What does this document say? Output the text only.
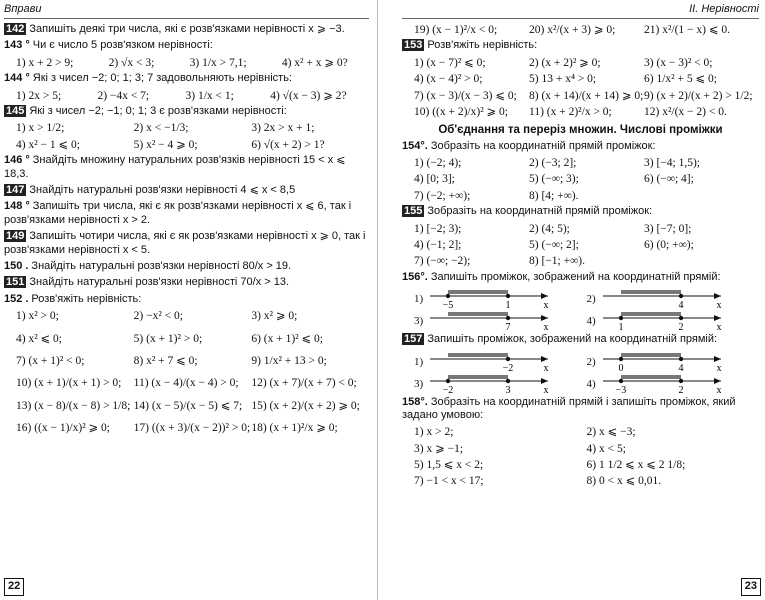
Вправи
142 Запишіть деякі три числа, які є розв'язками нерівності x ⩾ −3.
143 ° Чи є число 5 розв'язком нерівності:
1) x + 2 > 9;	2) √x < 3;	3) 1/x > 7,1;	4) x² + x ⩾ 0?
144 ° Які з чисел −2; 0; 1; 3; 7 задовольняють нерівність:
1) 2x > 5;	2) −4x < 7;	3) 1/x < 1;	4) √(x − 3) ⩾ 2?
145 Які з чисел −2; −1; 0; 1; 3 є розв'язками нерівності:
1) x > 1/2;	2) x < −1/3;	3) 2x > x + 1;
4) x² − 1 ⩽ 0;	5) x² − 4 ⩾ 0;	6) √(x + 2) > 1?
146 ° Знайдіть множину натуральних розв'язків нерівності 15 < x ⩽ 18,3.
147 Знайдіть натуральні розв'язки нерівності 4 ⩽ x < 8,5
148 ° Запишіть три числа, які є як розв'язками нерівності x ⩽ 6, так і розв'язками нерівності x > 2.
149 Запишіть чотири числа, які є як розв'язками нерівності x ⩾ 0, так і розв'язками нерівності x < 5.
150 . Знайдіть натуральні розв'язки нерівності 80/x > 19.
151 Знайдіть натуральні розв'язки нерівності 70/x > 13.
152 . Розв'яжіть нерівність:
1) x² > 0;	2) −x² < 0;	3) x² ⩾ 0;
4) x² ⩽ 0;	5) (x + 1)² > 0;	6) (x + 1)² ⩽ 0;
7) (x + 1)² < 0;	8) x² + 7 ⩽ 0;	9) 1/x² + 13 > 0;
10) (x + 1)/(x + 1) > 0;	11) (x − 4)/(x − 4) > 0;	12) (x + 7)/(x + 7) < 0;
13) (x − 8)/(x − 8) > 1/8; 14) (x − 5)/(x − 5) ⩽ 7; 15) (x + 2)/(x + 2) ⩾ 0;
16) ((x − 1)/x)² ⩾ 0;	17) ((x + 3)/(x − 2))² > 0; 18) (x + 1)²/x ⩾ 0;
22
II. Нерівності
19) (x − 1)²/x < 0;	20) x²/(x + 3) ⩾ 0;	21) x²/(1 − x) ⩽ 0.
153 Розв'яжіть нерівність:
1) (x − 7)² ⩽ 0;	2) (x + 2)² ⩾ 0;	3) (x − 3)² < 0;
4) (x − 4)² > 0;	5) 13 + x⁴ > 0;	6) 1/x² + 5 ⩽ 0;
7) (x − 3)/(x − 3) ⩽ 0;	8) (x + 14)/(x + 14) ⩾ 0; 9) (x + 2)/(x + 2) > 1/2;
10) ((x + 2)/x)² ⩾ 0;	11) (x + 2)²/x > 0;	12) x²/(x − 2) < 0.
Об'єднання та переріз множин. Числові проміжки
154°. Зобразіть на координатній прямій проміжок:
1) (−2; 4);	2) (−3; 2];	3) [−4; 1,5);
4) [0; 3];	5) (−∞; 3);	6) (−∞; 4];
7) (−2; +∞);	8) [4; +∞).
155 Зобразіть на координатній прямій проміжок:
1) [−2; 3);	2) (4; 5);	3) [−7; 0];
4) (−1; 2];	5) (−∞; 2];	6) (0; +∞);
7) (−∞; −2);	8) [−1; +∞).
156°. Запишіть проміжок, зображений на координатній прямій:
1)
−5	1	x
2)
4	x
3)
7	x
4)
1	2	x
157 Запишіть проміжок, зображений на координатній прямій:
1)
−2	x
2)
0	4	x
3)
−2	3	x
4)
−3	2	x
158°. Зобразіть на координатній прямій і запишіть проміжок, який задано умовою:
1) x > 2;	2) x ⩽ −3;
3) x ⩾ −1;	4) x < 5;
5) 1,5 ⩽ x < 2;	6) 1 1/2 ⩽ x ⩽ 2 1/8;
7) −1 < x < 17;	8) 0 < x ⩽ 0,01.
23
